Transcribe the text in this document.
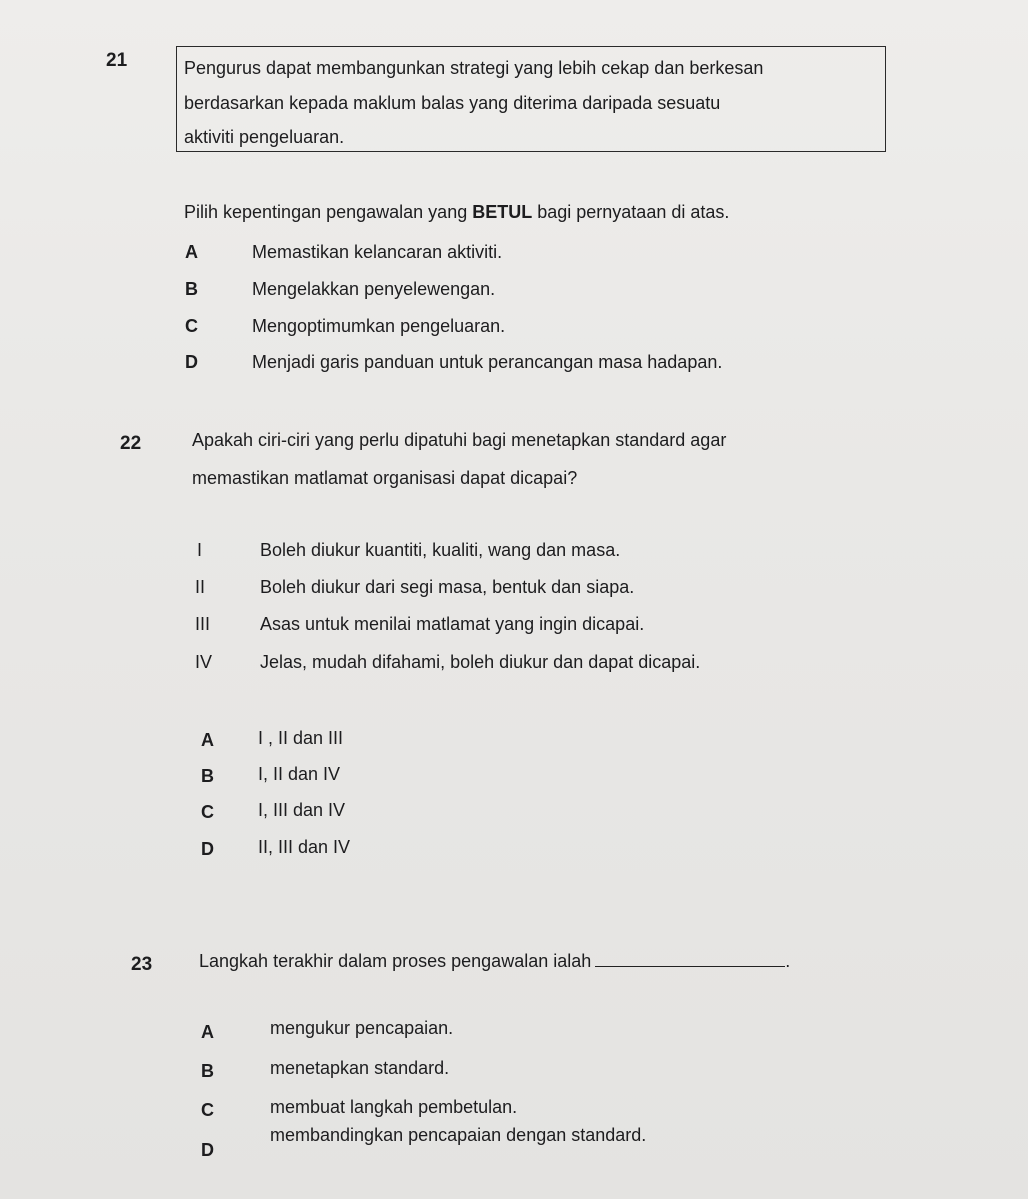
21	Pengurus dapat membangunkan strategi yang lebih cekap dan berkesan
berdasarkan kepada maklum balas yang diterima daripada sesuatu
aktiviti pengeluaran.
Pilih kepentingan pengawalan yang BETUL bagi pernyataan di atas.
A	Memastikan kelancaran aktiviti.
B	Mengelakkan penyelewengan.
C	Mengoptimumkan pengeluaran.
D	Menjadi garis panduan untuk perancangan masa hadapan.
22	Apakah ciri-ciri yang perlu dipatuhi bagi menetapkan standard agar
memastikan matlamat organisasi dapat dicapai?
I	Boleh diukur kuantiti, kualiti, wang dan masa.
II	Boleh diukur dari segi masa, bentuk dan siapa.
III	Asas untuk menilai matlamat yang ingin dicapai.
IV	Jelas, mudah difahami, boleh diukur dan dapat dicapai.
A I , II dan III
B I, II dan IV
C I, III dan IV
D II, III dan IV
23	Langkah terakhir dalam proses pengawalan ialah	.
A	mengukur pencapaian.
B	menetapkan standard.
C	membuat langkah pembetulan.
D
membandingkan pencapaian dengan standard.
